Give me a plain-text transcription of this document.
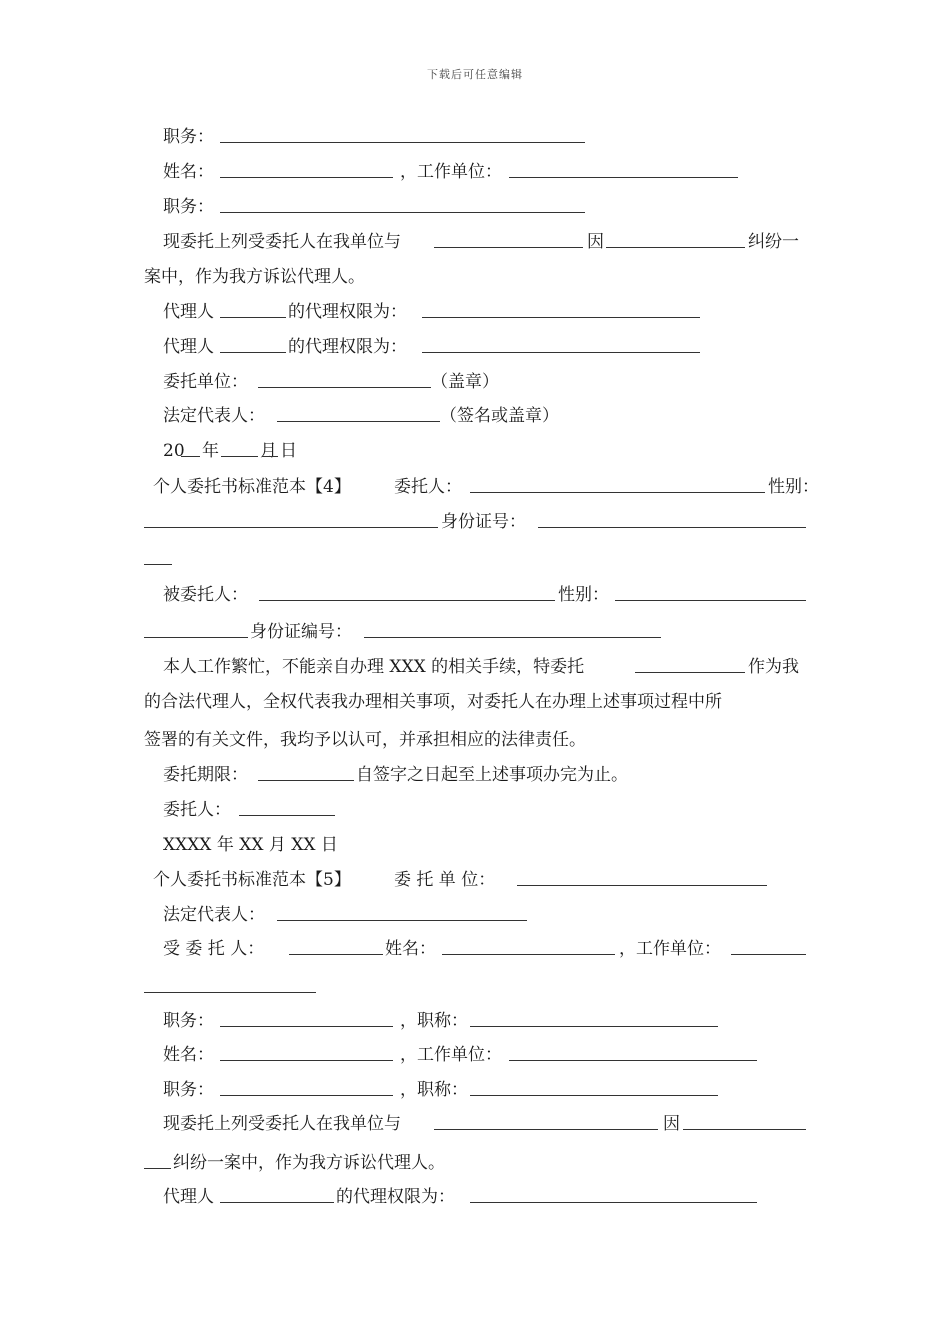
下载后可任意编辑
职务：
姓名：	，工作单位：
职务：
现委托上列受委托人在我单位与	因	纠纷一
案中，作为我方诉讼代理人。
代理人	的代理权限为：
代理人	的代理权限为：
委托单位：	（盖章）
法定代表人：	（签名或盖章）
20 年 月 日
个人委托书标准范本【4】	委托人：	性别：
身份证号：
被委托人：	性别：
身份证编号：
本人工作繁忙，不能亲自办理 XXX 的相关手续，特委托	作为我
的合法代理人，全权代表我办理相关事项，对委托人在办理上述事项过程中所
签署的有关文件，我均予以认可，并承担相应的法律责任。
委托期限：	自签字之日起至上述事项办完为止。
委托人：
XXXX 年 XX 月 XX 日
个人委托书标准范本【5】	委 托 单 位：
法定代表人：
受 委 托 人：	姓名：	，工作单位：
职务：	，职称：
姓名：	，工作单位：
职务：	，职称：
现委托上列受委托人在我单位与	因
纠纷一案中，作为我方诉讼代理人。
代理人	的代理权限为：
